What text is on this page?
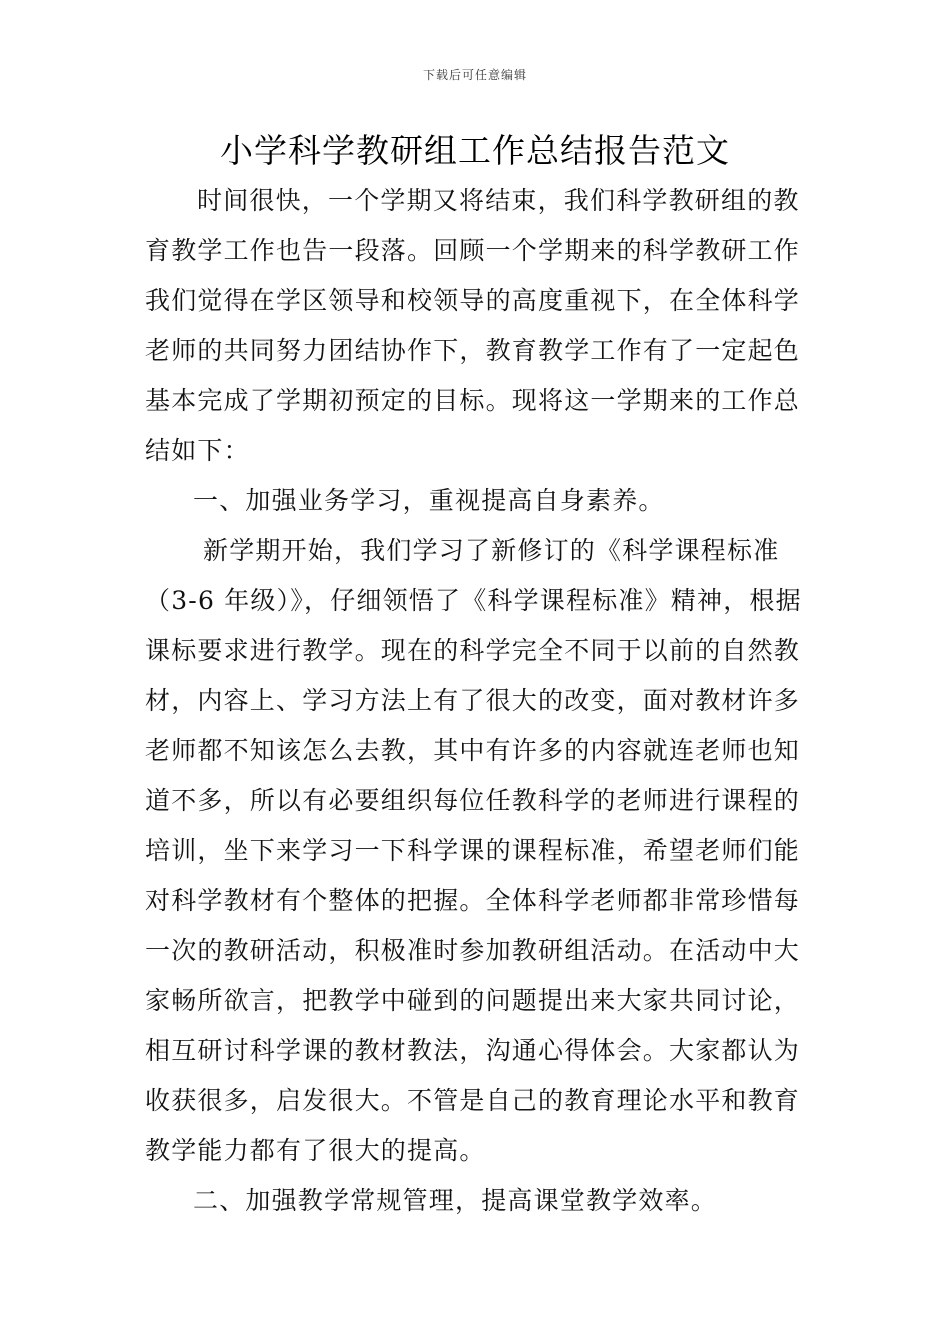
下载后可任意编辑
小学科学教研组工作总结报告范文
时间很快，一个学期又将结束，我们科学教研组的教
育教学工作也告一段落。回顾一个学期来的科学教研工作
我们觉得在学区领导和校领导的高度重视下，在全体科学
老师的共同努力团结协作下，教育教学工作有了一定起色
基本完成了学期初预定的目标。现将这一学期来的工作总
结如下：
一、加强业务学习，重视提高自身素养。
新学期开始，我们学习了新修订的《科学课程标准
（3-6 年级）》，仔细领悟了《科学课程标准》精神，根据
课标要求进行教学。现在的科学完全不同于以前的自然教
材，内容上、学习方法上有了很大的改变，面对教材许多
老师都不知该怎么去教，其中有许多的内容就连老师也知
道不多，所以有必要组织每位任教科学的老师进行课程的
培训，坐下来学习一下科学课的课程标准，希望老师们能
对科学教材有个整体的把握。全体科学老师都非常珍惜每
一次的教研活动，积极准时参加教研组活动。在活动中大
家畅所欲言，把教学中碰到的问题提出来大家共同讨论，
相互研讨科学课的教材教法，沟通心得体会。大家都认为
收获很多，启发很大。不管是自己的教育理论水平和教育
教学能力都有了很大的提高。
二、加强教学常规管理，提高课堂教学效率。
